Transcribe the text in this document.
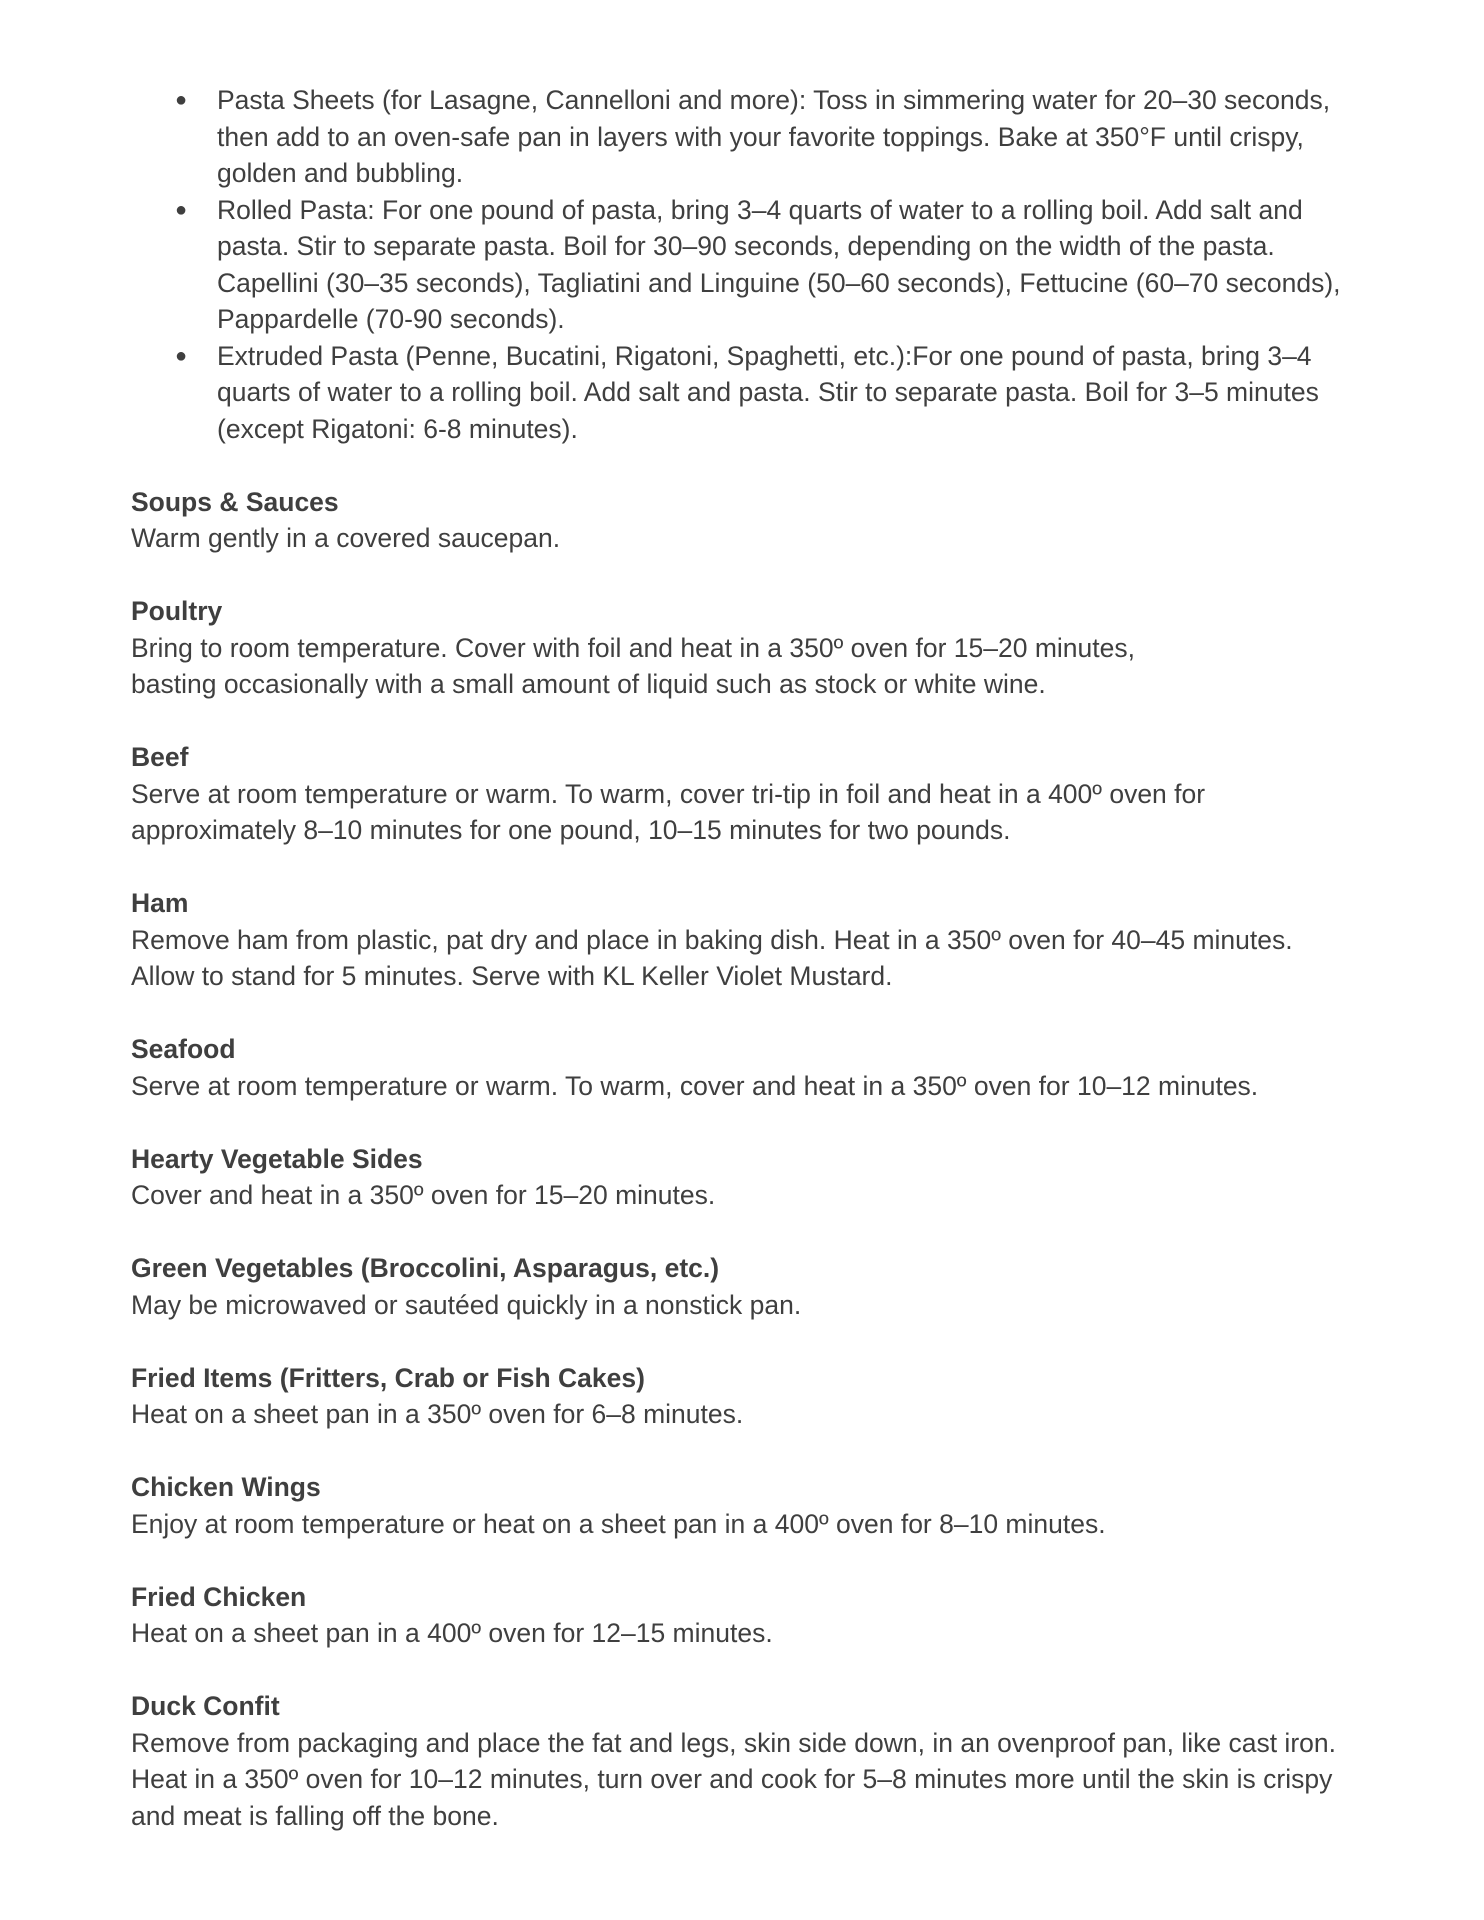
● Pasta Sheets (for Lasagne, Cannelloni and more): Toss in simmering water for 20–30 seconds, then add to an oven-safe pan in layers with your favorite toppings. Bake at 350°F until crispy, golden and bubbling.
● Rolled Pasta: For one pound of pasta, bring 3–4 quarts of water to a rolling boil. Add salt and pasta. Stir to separate pasta. Boil for 30–90 seconds, depending on the width of the pasta. Capellini (30–35 seconds), Tagliatini and Linguine (50–60 seconds), Fettucine (60–70 seconds), Pappardelle (70-90 seconds).
● Extruded Pasta (Penne, Bucatini, Rigatoni, Spaghetti, etc.):For one pound of pasta, bring 3–4 quarts of water to a rolling boil. Add salt and pasta. Stir to separate pasta. Boil for 3–5 minutes (except Rigatoni: 6-8 minutes).
Soups & Sauces

Warm gently in a covered saucepan.

Poultry

Bring to room temperature. Cover with foil and heat in a 350º oven for 15–20 minutes,

basting occasionally with a small amount of liquid such as stock or white wine.

Beef

Serve at room temperature or warm. To warm, cover tri-tip in foil and heat in a 400º oven for

approximately 8–10 minutes for one pound, 10–15 minutes for two pounds.

Ham

Remove ham from plastic, pat dry and place in baking dish. Heat in a 350º oven for 40–45 minutes.

Allow to stand for 5 minutes. Serve with KL Keller Violet Mustard.

Seafood

Serve at room temperature or warm. To warm, cover and heat in a 350º oven for 10–12 minutes.

Hearty Vegetable Sides

Cover and heat in a 350º oven for 15–20 minutes.

Green Vegetables (Broccolini, Asparagus, etc.)

May be microwaved or sautéed quickly in a nonstick pan.

Fried Items (Fritters, Crab or Fish Cakes)

Heat on a sheet pan in a 350º oven for 6–8 minutes.

Chicken Wings

Enjoy at room temperature or heat on a sheet pan in a 400º oven for 8–10 minutes.

Fried Chicken

Heat on a sheet pan in a 400º oven for 12–15 minutes.

Duck Confit

Remove from packaging and place the fat and legs, skin side down, in an ovenproof pan, like cast iron.

Heat in a 350º oven for 10–12 minutes, turn over and cook for 5–8 minutes more until the skin is crispy

and meat is falling off the bone.
